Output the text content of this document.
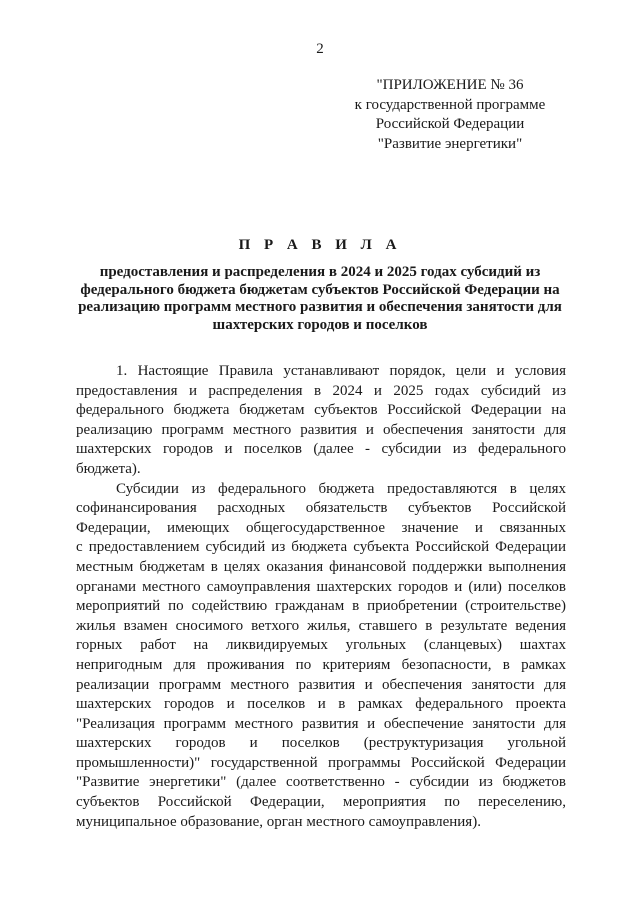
2
"ПРИЛОЖЕНИЕ № 36
к государственной программе
Российской Федерации
"Развитие энергетики"
П Р А В И Л А
предоставления и распределения в 2024 и 2025 годах субсидий из
федерального бюджета бюджетам субъектов Российской Федерации на
реализацию программ местного развития и обеспечения занятости для
шахтерских городов и поселков

1. Настоящие Правила устанавливают порядок, цели и условия
предоставления и распределения в 2024 и 2025 годах субсидий из
федерального бюджета бюджетам субъектов Российской Федерации на
реализацию программ местного развития и обеспечения занятости для
шахтерских городов и поселков (далее - субсидии из федерального
бюджета).

Субсидии из федерального бюджета предоставляются в целях
софинансирования расходных обязательств субъектов Российской
Федерации, имеющих общегосударственное значение и связанных
с предоставлением субсидий из бюджета субъекта Российской Федерации
местным бюджетам в целях оказания финансовой поддержки выполнения
органами местного самоуправления шахтерских городов и (или) поселков
мероприятий по содействию гражданам в приобретении (строительстве)
жилья взамен сносимого ветхого жилья, ставшего в результате ведения
горных работ на ликвидируемых угольных (сланцевых) шахтах
непригодным для проживания по критериям безопасности, в рамках
реализации программ местного развития и обеспечения занятости для
шахтерских городов и поселков и в рамках федерального проекта
"Реализация программ местного развития и обеспечение занятости для
шахтерских городов и поселков (реструктуризация угольной
промышленности)" государственной программы Российской Федерации
"Развитие энергетики" (далее соответственно - субсидии из бюджетов
субъектов Российской Федерации, мероприятия по переселению,
муниципальное образование, орган местного самоуправления).
